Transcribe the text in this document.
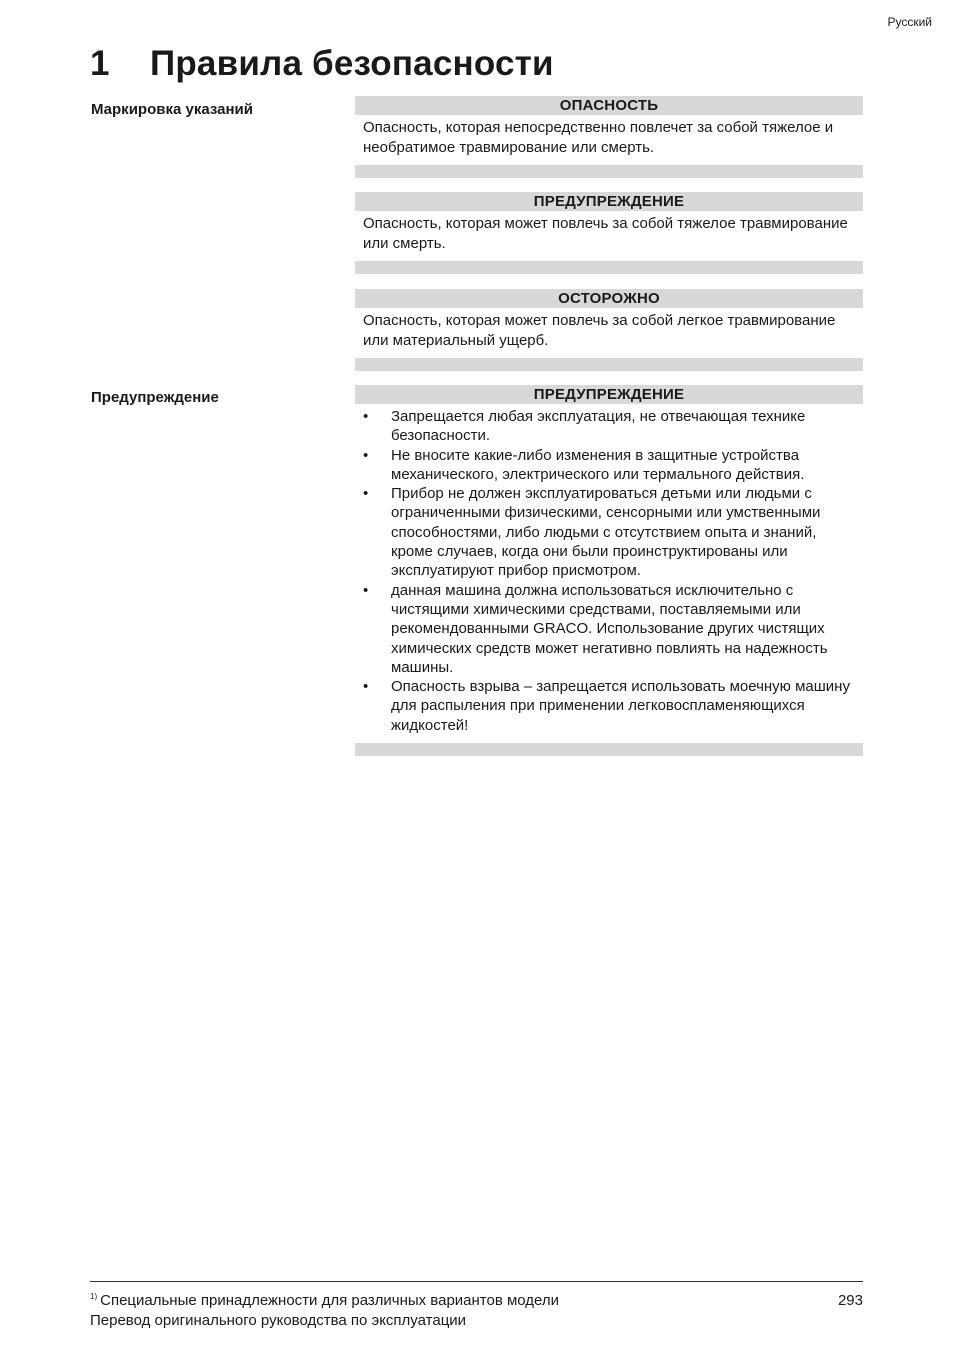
Русский
1 Правила безопасности
Маркировка указаний	ОПАСНОСТЬ
Опасность, которая непосредственно повлечет за собой тяжелое и необратимое травмирование или смерть.
ПРЕДУПРЕЖДЕНИЕ
Опасность, которая может повлечь за собой тяжелое травмирование или смерть.
ОСТОРОЖНО
Опасность, которая может повлечь за собой легкое травмирование или материальный ущерб.
Предупреждение	ПРЕДУПРЕЖДЕНИЕ
• Запрещается любая эксплуатация, не отвечающая технике безопасности.
• Не вносите какие-либо изменения в защитные устройства механического, электрического или термального действия.
• Прибор не должен эксплуатироваться детьми или людьми с ограниченными физическими, сенсорными или умственными способностями, либо людьми с отсутствием опыта и знаний, кроме случаев, когда они были проинструктированы или эксплуатируют прибор присмотром.
• данная машина должна использоваться исключительно с чистящими химическими средствами, поставляемыми или рекомендованными GRACO. Использование других чистящих химических средств может негативно повлиять на надежность машины.
• Опасность взрыва – запрещается использовать моечную машину для распыления при применении легковоспламеняющихся жидкостей!
$^{1)}$ Специальные принадлежности для различных вариантов модели	293
Перевод оригинального руководства по эксплуатации
